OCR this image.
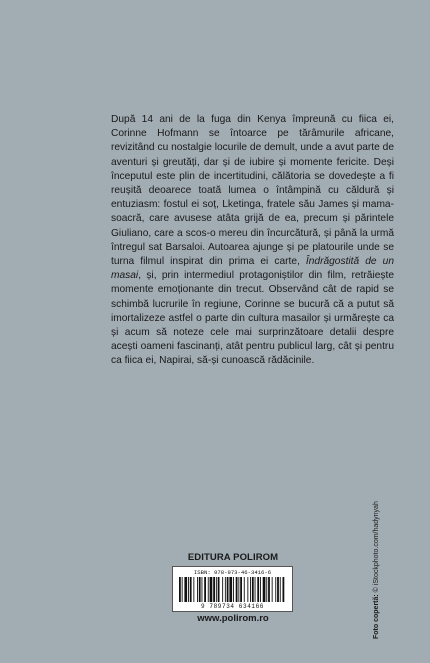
După 14 ani de la fuga din Kenya împreună cu fiica ei, Corinne Hofmann se întoarce pe tărâmurile africane, revizitând cu nostalgie locurile de demult, unde a avut parte de aventuri și greutăți, dar și de iubire și momente fericite. Deși începutul este plin de incertitudini, călătoria se dovedește a fi reușită deoarece toată lumea o întâmpină cu căldură și entuziasm: fostul ei soț, Lketinga, fratele său James și mama-soacră, care avusese atâta grijă de ea, precum și părintele Giuliano, care a scos-o mereu din încurcătură, și până la urmă întregul sat Barsaloi. Autoarea ajunge și pe platourile unde se turna filmul inspirat din prima ei carte, Îndrăgostită de un masai, și, prin intermediul protagoniștilor din film, retrăiește momente emoționante din trecut. Observând cât de rapid se schimbă lucrurile în regiune, Corinne se bucură că a putut să imortalizeze astfel o parte din cultura masailor și urmărește ca și acum să noteze cele mai surprinzătoare detalii despre acești oameni fascinanți, atât pentru publicul larg, cât și pentru ca fiica ei, Napirai, să-și cunoască rădăcinile.

EDITURA POLIROM
ISBN: 978-973-46-3416-6
9 789734 634166
www.polirom.ro	Foto copertă: © iStockphoto.com/hadynyah
